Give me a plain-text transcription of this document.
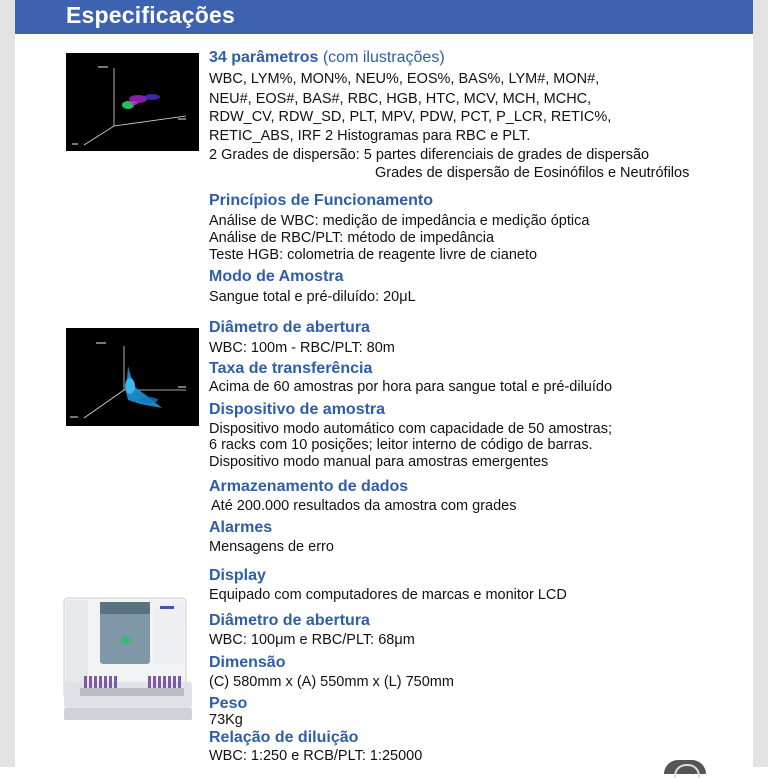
Especificações
34 parâmetros (com ilustrações)
WBC, LYM%, MON%, NEU%, EOS%, BAS%, LYM#, MON#,
NEU#, EOS#, BAS#, RBC, HGB, HTC, MCV, MCH, MCHC,
RDW_CV, RDW_SD, PLT, MPV, PDW, PCT, P_LCR, RETIC%,
RETIC_ABS, IRF 2 Histogramas para RBC e PLT.
2 Grades de dispersão: 5 partes diferenciais de grades de dispersão
Grades de dispersão de Eosinófilos e Neutrófilos
Princípios de Funcionamento
Análise de WBC: medição de impedância e medição óptica
Análise de RBC/PLT: método de impedância
Teste HGB: colometria de reagente livre de cianeto
Modo de Amostra
Sangue total e pré-diluído: 20μL
Diâmetro de abertura
WBC: 100m - RBC/PLT: 80m
Taxa de transferência
Acima de 60 amostras por hora para sangue total e pré-diluído
Dispositivo de amostra
Dispositivo modo automático com capacidade de 50 amostras;
6 racks com 10 posições; leitor interno de código de barras.
Dispositivo modo manual para amostras emergentes
Armazenamento de dados
Até 200.000 resultados da amostra com grades
Alarmes
Mensagens de erro
Display
Equipado com computadores de marcas e monitor LCD
Diâmetro de abertura
WBC: 100μm e RBC/PLT: 68μm
Dimensão
(C) 580mm x (A) 550mm x (L) 750mm
Peso
73Kg
Relação de diluição
WBC: 1:250 e RCB/PLT: 1:25000
